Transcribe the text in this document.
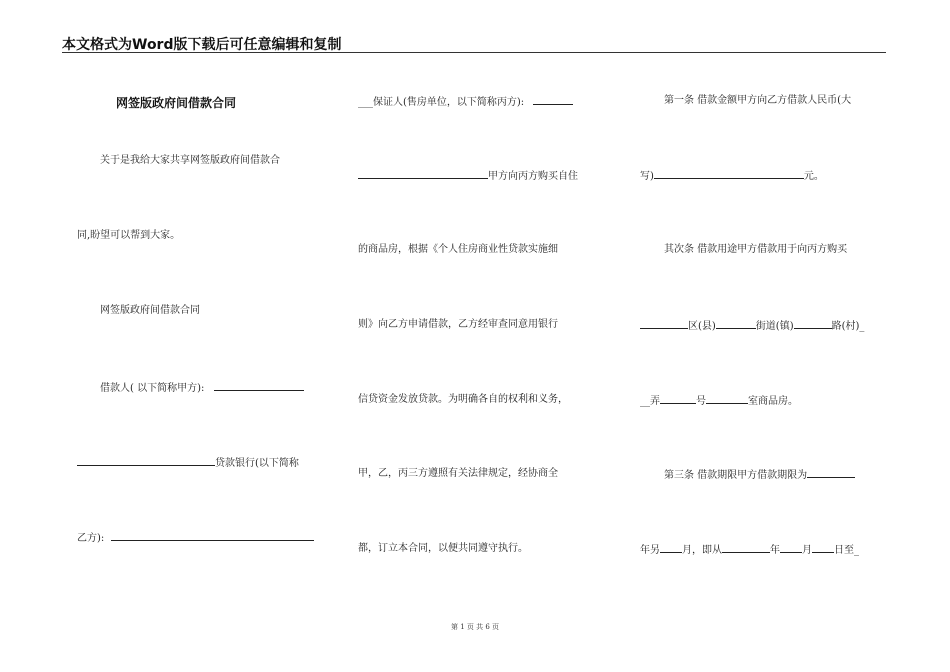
本文格式为Word版下载后可任意编辑和复制
网签版政府间借款合同
关于是我给大家共享网签版政府间借款合
同,盼望可以帮到大家。
网签版政府间借款合同
借款人( 以下简称甲方):
贷款银行(以下简称
乙方):
___保证人(售房单位，以下简称丙方):
甲方向丙方购买自住
的商品房，根据《个人住房商业性贷款实施细
则》向乙方申请借款，乙方经审查同意用银行
信贷资金发放贷款。为明确各自的权利和义务，
甲，乙，丙三方遵照有关法律规定，经协商全
都，订立本合同，以便共同遵守执行。
第一条 借款金额甲方向乙方借款人民币(大
写)	元。
其次条 借款用途甲方借款用于向丙方购买
区(县)	街道(镇)	路(村)_
__弄	号	室商品房。
第三条 借款期限甲方借款期限为
年另 月，即从	年 月 日至_
第 1 页 共 6 页
